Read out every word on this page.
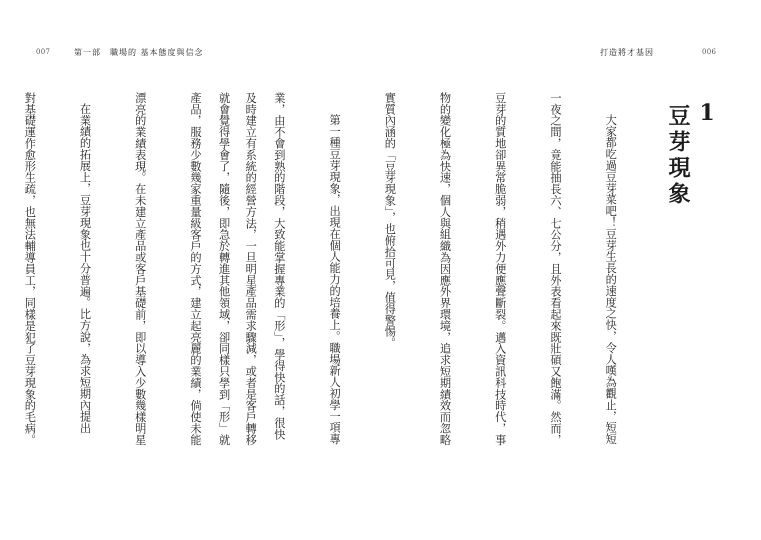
007	第一部　職場的 基本態度與信念

及時建立有系統的經營方法，一旦明星產品需求驟減，或者是客戶轉移

產品，服務少數幾家重量級客戶的方式，建立起亮麗的業績，倘使未能

漂亮的業績表現。在未建立產品或客戶基礎前，即以導入少數幾樣明星

在業績的拓展上，豆芽現象也十分普遍。比方說，為求短期內提出

對基礎運作愈形生疏，也無法輔導員工，同樣是犯了豆芽現象的毛病。

打造將才基因	006
1
豆芽現象

大家都吃過豆芽菜吧！豆芽生長的速度之快，令人嘆為觀止，短短

一夜之間，竟能抽長六、七公分，且外表看起來既壯碩又飽滿。然而，

豆芽的質地卻異常脆弱，稍遇外力便應聲斷裂。邁入資訊科技時代，事

物的變化極為快速，個人與組織為因應外界環境，追求短期績效而忽略

實質內涵的「豆芽現象」，也俯拾可見，值得警惕。

第一種豆芽現象，出現在個人能力的培養上。職場新人初學一項專

業，由不會到熟的階段，大致能掌握專業的「形」，學得快的話，很快

就會覺得學會了，隨後，即急於轉進其他領域，卻同樣只學到「形」就
